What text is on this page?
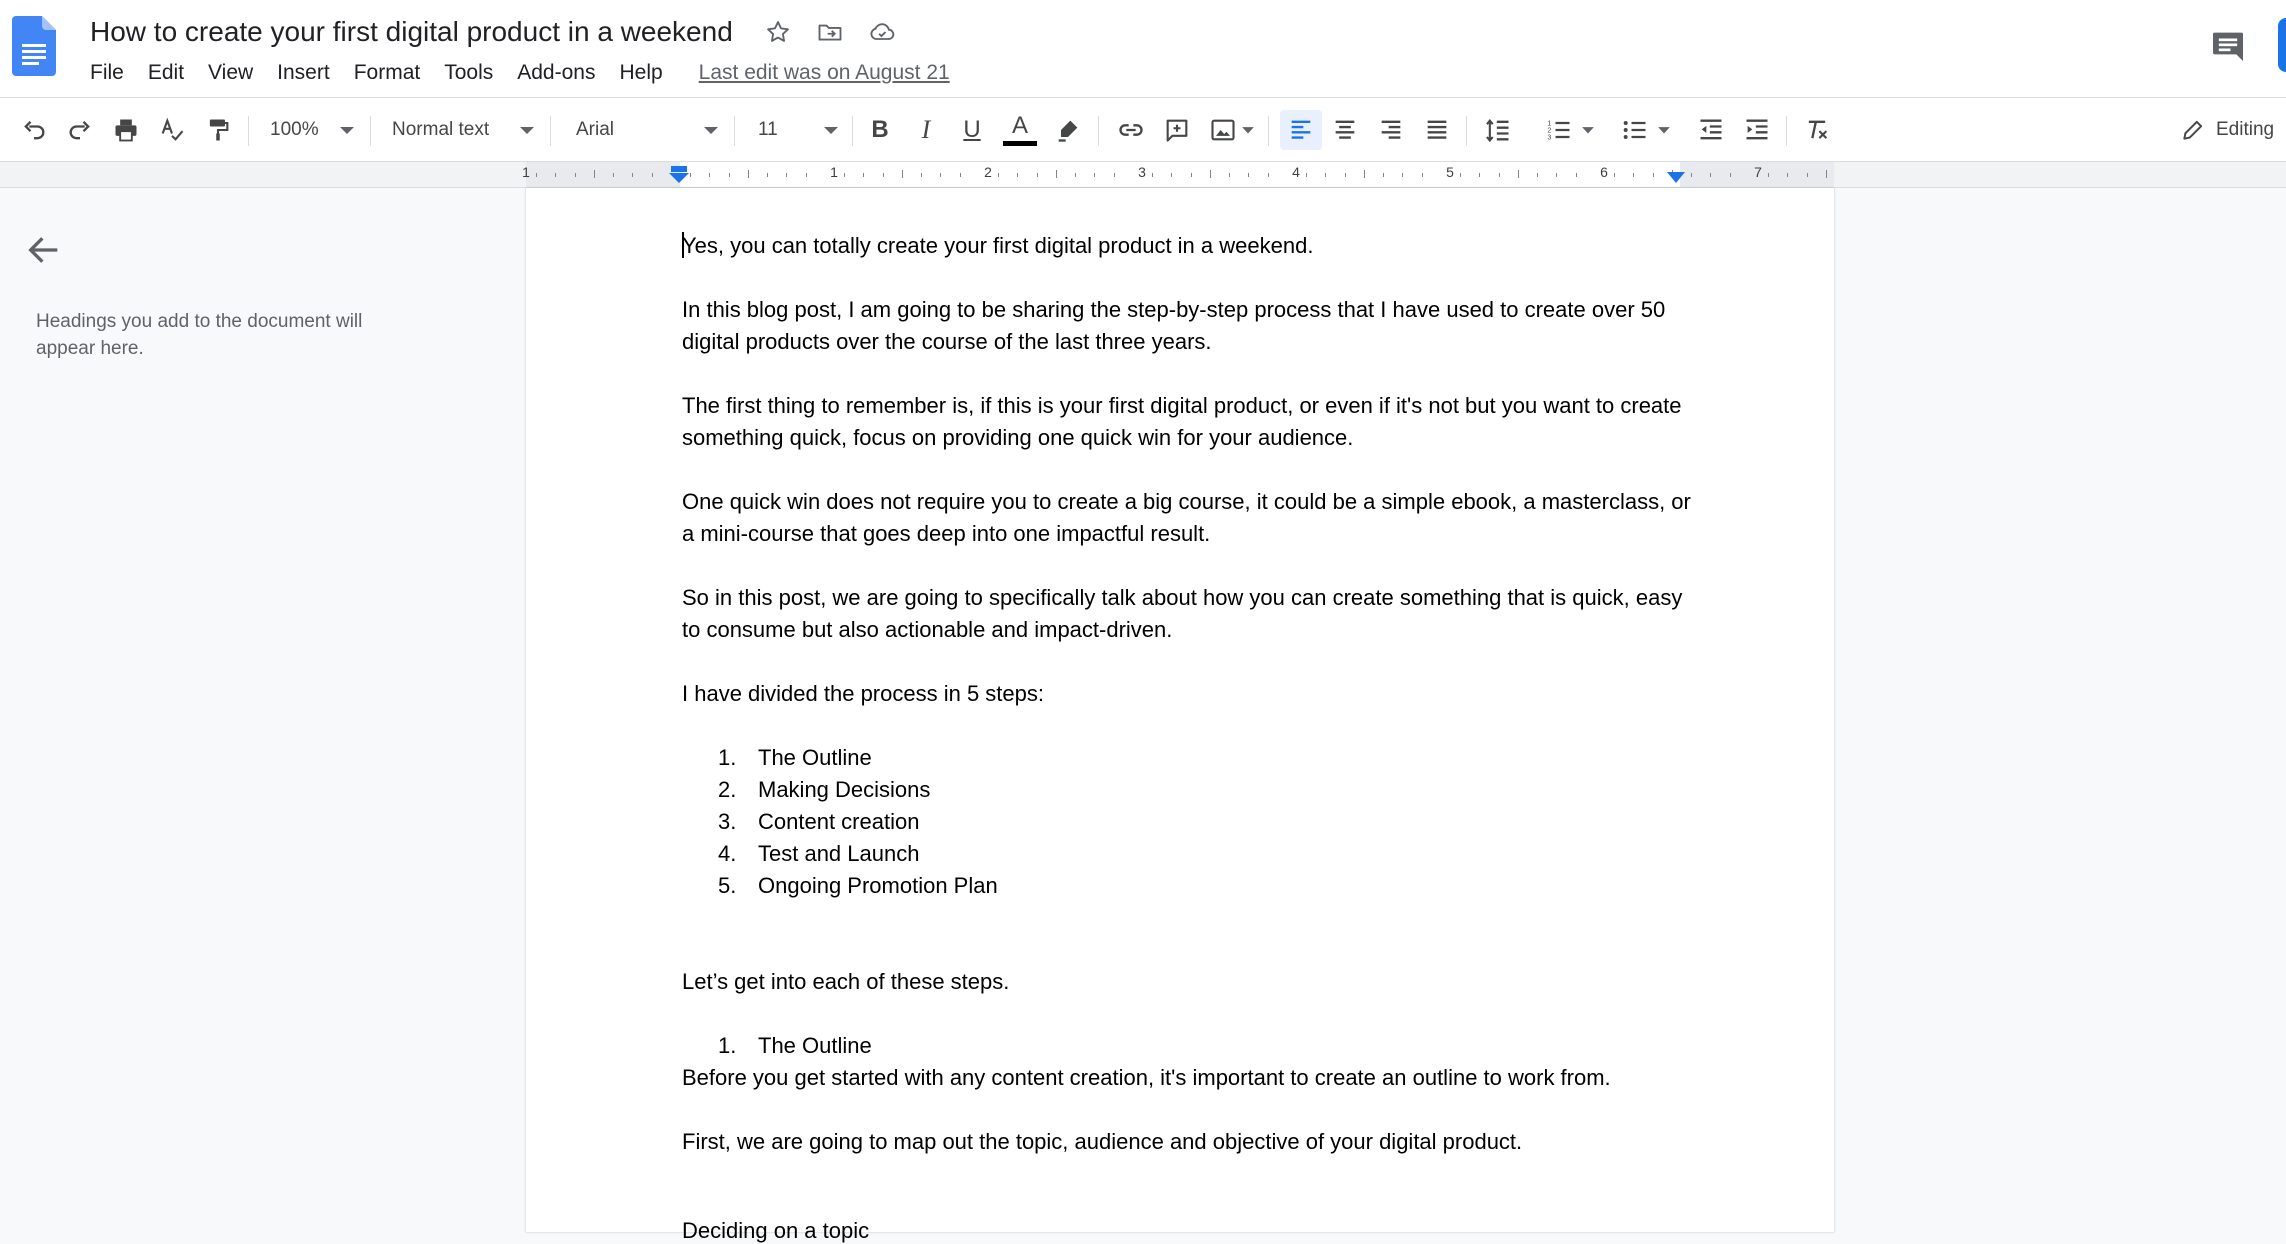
How to create your first digital product in a weekend
File Edit View Insert Format Tools Add-ons Help Last edit was on August 21
100%	Normal text	Arial	11	B I U A	1
2
3	Editing
1	1	2	3	4	5	6	7
Headings you add to the document will appear here.

Yes, you can totally create your first digital product in a weekend.

In this blog post, I am going to be sharing the step-by-step process that I have used to create over 50 digital products over the course of the last three years.

The first thing to remember is, if this is your first digital product, or even if it's not but you want to create something quick, focus on providing one quick win for your audience.

One quick win does not require you to create a big course, it could be a simple ebook, a masterclass, or a mini-course that goes deep into one impactful result.

So in this post, we are going to specifically talk about how you can create something that is quick, easy to consume but also actionable and impact-driven.

I have divided the process in 5 steps:

1. The Outline
2. Making Decisions
3. Content creation
4. Test and Launch
5. Ongoing Promotion Plan

Let’s get into each of these steps.

1. The Outline

Before you get started with any content creation, it's important to create an outline to work from.

First, we are going to map out the topic, audience and objective of your digital product.

Deciding on a topic
